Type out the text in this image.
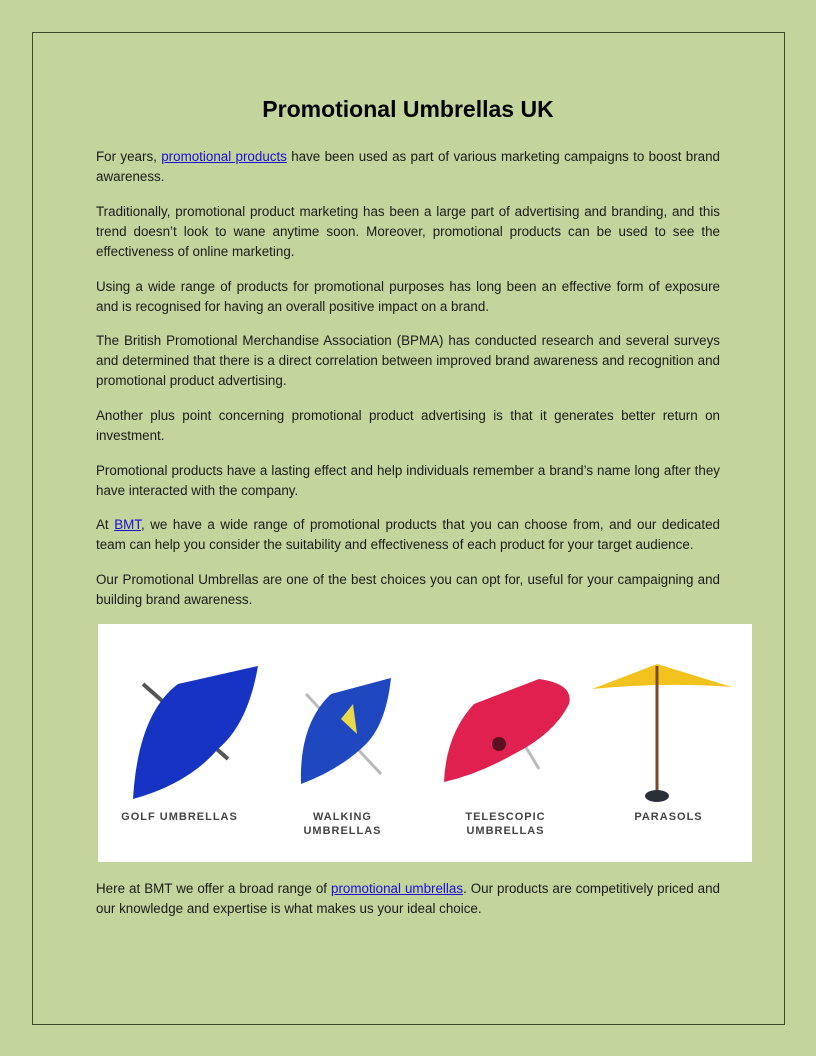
Promotional Umbrellas UK

For years, promotional products have been used as part of various marketing campaigns to boost brand awareness.

Traditionally, promotional product marketing has been a large part of advertising and branding, and this trend doesn’t look to wane anytime soon. Moreover, promotional products can be used to see the effectiveness of online marketing.

Using a wide range of products for promotional purposes has long been an effective form of exposure and is recognised for having an overall positive impact on a brand.

The British Promotional Merchandise Association (BPMA) has conducted research and several surveys and determined that there is a direct correlation between improved brand awareness and recognition and promotional product advertising.

Another plus point concerning promotional product advertising is that it generates better return on investment.

Promotional products have a lasting effect and help individuals remember a brand’s name long after they have interacted with the company.

At BMT, we have a wide range of promotional products that you can choose from, and our dedicated team can help you consider the suitability and effectiveness of each product for your target audience.

Our Promotional Umbrellas are one of the best choices you can opt for, useful for your campaigning and building brand awareness.

GOLF UMBRELLAS	WALKING
UMBRELLAS
TELESCOPIC
UMBRELLAS
PARASOLS

Here at BMT we offer a broad range of promotional umbrellas. Our products are competitively priced and our knowledge and expertise is what makes us your ideal choice.
